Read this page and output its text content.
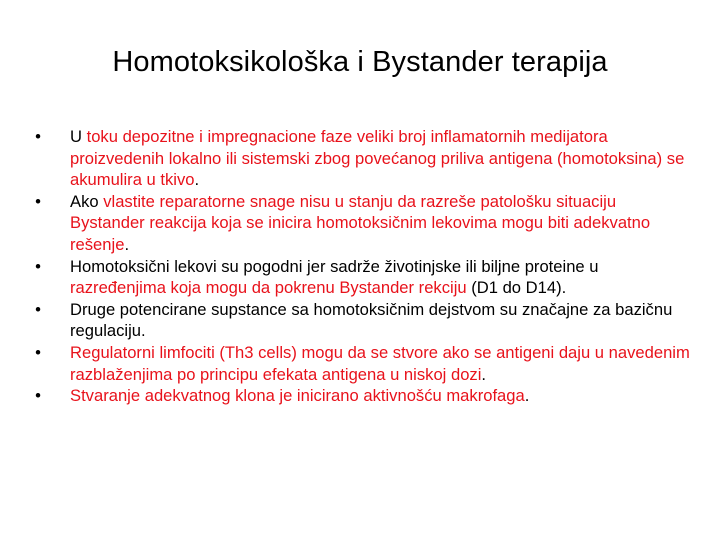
Homotoksikološka i Bystander terapija
• U toku depozitne i impregnacione faze veliki broj inflamatornih medijatora proizvedenih lokalno ili sistemski zbog povećanog priliva antigena (homotoksina) se akumulira u tkivo.
• Ako vlastite reparatorne snage nisu u stanju da razreše patološku situaciju Bystander reakcija koja se inicira homotoksičnim lekovima mogu biti adekvatno rešenje.
• Homotoksični lekovi su pogodni jer sadrže životinjske ili biljne proteine u razređenjima koja mogu da pokrenu Bystander rekciju (D1 do D14).
• Druge potencirane supstance sa homotoksičnim dejstvom su značajne za bazičnu regulaciju.
• Regulatorni limfociti (Th3 cells) mogu da se stvore ako se antigeni daju u navedenim razblaženjima po principu efekata antigena u niskoj dozi.
• Stvaranje adekvatnog klona je inicirano aktivnošću makrofaga.
